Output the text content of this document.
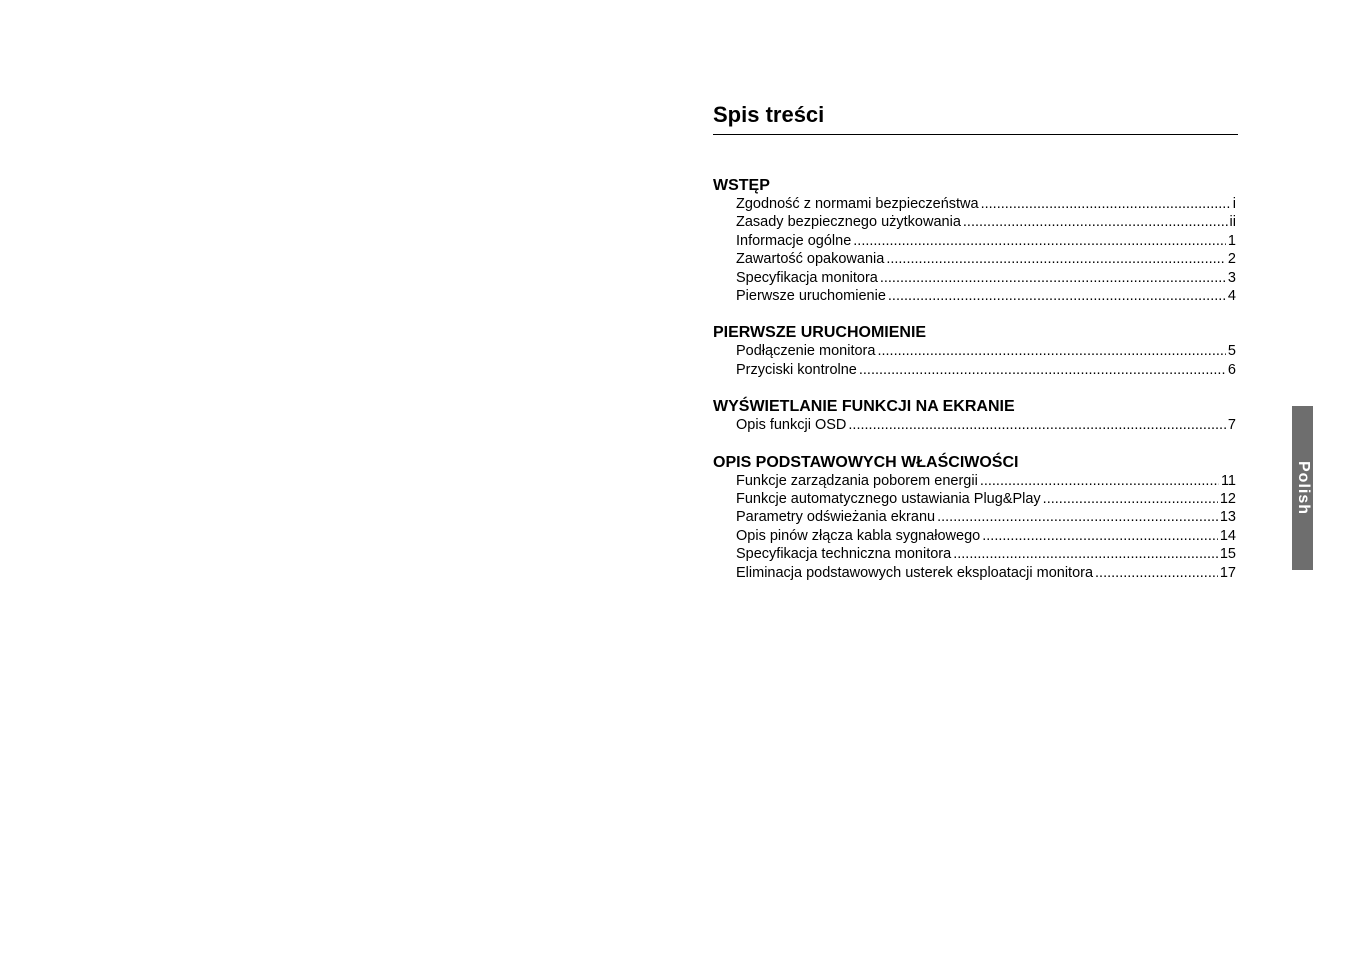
Spis treści
WSTĘP
Zgodność z normami bezpieczeństwa .....	i
Zasady bezpiecznego użytkowania .....	ii
Informacje ogólne .....	1
Zawartość opakowania .....	2
Specyfikacja monitora .....	3
Pierwsze uruchomienie .....	4
PIERWSZE URUCHOMIENIE
Podłączenie monitora .....	5
Przyciski kontrolne .....	6
WYŚWIETLANIE FUNKCJI NA EKRANIE
Opis funkcji OSD .....	7
OPIS PODSTAWOWYCH WŁAŚCIWOŚCI
Funkcje zarządzania poborem energii .....	11
Funkcje automatycznego ustawiania Plug&Play .....	12
Parametry odświeżania ekranu .....	13
Opis pinów złącza kabla sygnałowego .....	14
Specyfikacja techniczna monitora .....	15
Eliminacja podstawowych usterek eksploatacji monitora .....	17
Polish
